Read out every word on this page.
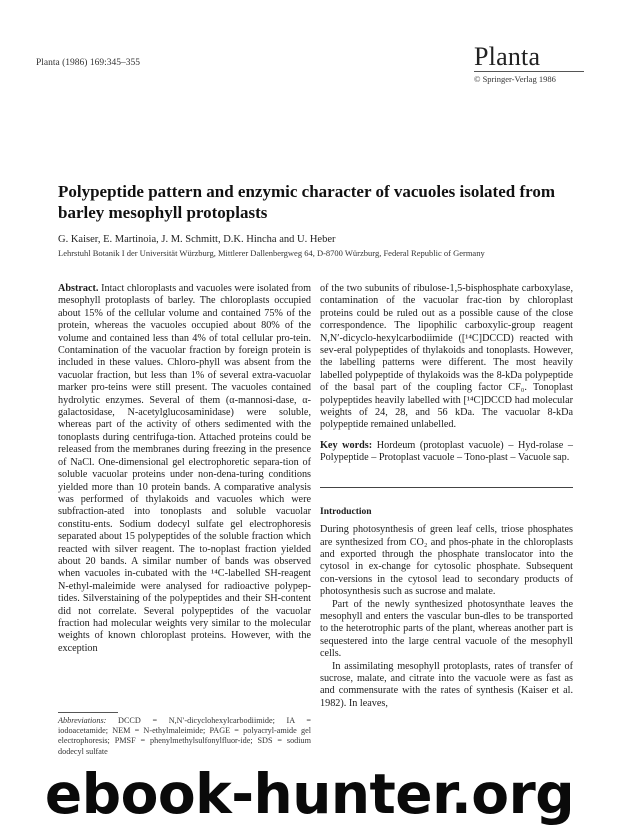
Planta (1986) 169:345–355	Planta
© Springer-Verlag 1986
Polypeptide pattern and enzymic character of vacuoles isolated from barley mesophyll protoplasts
G. Kaiser, E. Martinoia, J. M. Schmitt, D.K. Hincha and U. Heber
Lehrstuhl Botanik I der Universität Würzburg, Mittlerer Dallenbergweg 64, D-8700 Würzburg, Federal Republic of Germany
Abstract. Intact chloroplasts and vacuoles were isolated from mesophyll protoplasts of barley. The chloroplasts occupied about 15% of the cellular volume and contained 75% of the protein, whereas the vacuoles occupied about 80% of the volume and contained less than 4% of total cellular pro-tein. Contamination of the vacuolar fraction by foreign protein is included in these values. Chloro-phyll was absent from the vacuolar fraction, but less than 1% of several extra-vacuolar marker pro-teins were still present. The vacuoles contained hydrolytic enzymes. Several of them (α-mannosi-dase, α-galactosidase, N-acetylglucosaminidase) were soluble, whereas part of the activity of others sedimented with the tonoplasts during centrifuga-tion. Attached proteins could be released from the membranes during freezing in the presence of NaCl. One-dimensional gel electrophoretic separa-tion of soluble vacuolar proteins under non-dena-turing conditions yielded more than 10 protein bands. A comparative analysis was performed of thylakoids and vacuoles which were subfraction-ated into tonoplasts and soluble vacuolar constitu-ents. Sodium dodecyl sulfate gel electrophoresis separated about 15 polypeptides of the soluble fraction which reacted with silver reagent. The to-noplast fraction yielded about 20 bands. A similar number of bands was observed when vacuoles in-cubated with the ¹⁴C-labelled SH-reagent N-ethyl-maleimide were analysed for radioactive polypep-tides. Silverstaining of the polypeptides and their SH-content did not correlate. Several polypeptides of the vacuolar fraction had molecular weights very similar to the molecular weights of known chloroplast proteins. However, with the exception
of the two subunits of ribulose-1,5-bisphosphate carboxylase, contamination of the vacuolar frac-tion by chloroplast proteins could be ruled out as a possible cause of the close correspondence. The lipophilic carboxylic-group reagent N,N′-dicyclo-hexylcarbodiimide ([¹⁴C]DCCD) reacted with sev-eral polypeptides of thylakoids and tonoplasts. However, the labelling patterns were different. The most heavily labelled polypeptide of thylakoids was the 8-kDa polypeptide of the basal part of the coupling factor CF₀. Tonoplast polypeptides heavily labelled with [¹⁴C]DCCD had molecular weights of 24, 28, and 56 kDa. The vacuolar 8-kDa polypeptide remained unlabelled.
Key words: Hordeum (protoplast vacuole) – Hyd-rolase – Polypeptide – Protoplast vacuole – Tono-plast – Vacuole sap.
Introduction
During photosynthesis of green leaf cells, triose phosphates are synthesized from CO₂ and phos-phate in the chloroplasts and exported through the phosphate translocator into the cytosol in ex-change for cytosolic phosphate. Subsequent con-versions in the cytosol lead to secondary products of photosynthesis such as sucrose and malate.
Part of the newly synthesized photosynthate leaves the mesophyll and enters the vascular bun-dles to be transported to the heterotrophic parts of the plant, whereas another part is sequestered into the large central vacuole of the mesophyll cells.
In assimilating mesophyll protoplasts, rates of transfer of sucrose, malate, and citrate into the vacuole were as fast as and commensurate with the rates of synthesis (Kaiser et al. 1982). In leaves,
Abbreviations: DCCD = N,N′-dicyclohexylcarbodiimide; IA = iodoacetamide; NEM = N-ethylmaleimide; PAGE = polyacryl-amide gel electrophoresis; PMSF = phenylmethylsulfonylfluor-ide; SDS = sodium dodecyl sulfate
ebook-hunter.org
